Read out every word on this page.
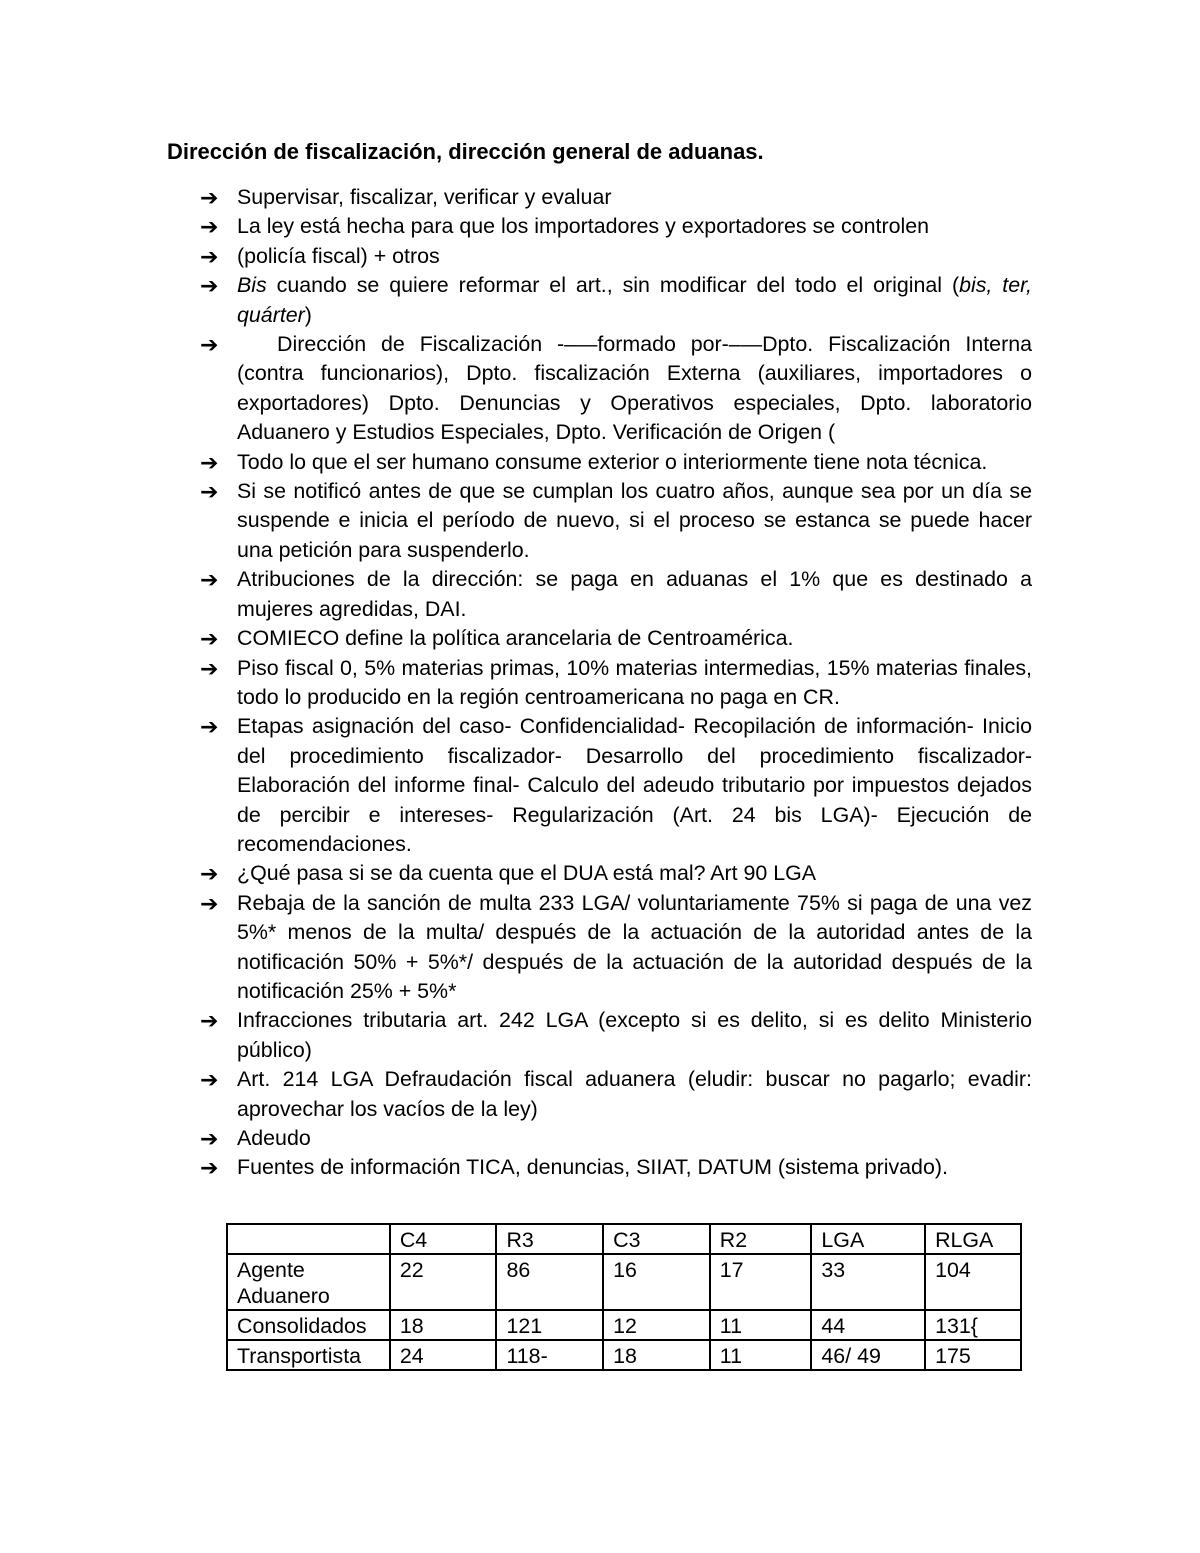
Dirección de fiscalización, dirección general de aduanas.
➔ Supervisar, fiscalizar, verificar y evaluar
➔ La ley está hecha para que los importadores y exportadores se controlen
➔ (policía fiscal) + otros
➔ Bis cuando se quiere reformar el art., sin modificar del todo el original (bis, ter, quárter)
➔	Dirección de Fiscalización -–—formado por-–—Dpto. Fiscalización Interna (contra funcionarios), Dpto. fiscalización Externa (auxiliares, importadores o exportadores) Dpto. Denuncias y Operativos especiales, Dpto. laboratorio Aduanero y Estudios Especiales, Dpto. Verificación de Origen (
➔ Todo lo que el ser humano consume exterior o interiormente tiene nota técnica.
➔ Si se notificó antes de que se cumplan los cuatro años, aunque sea por un día se suspende e inicia el período de nuevo, si el proceso se estanca se puede hacer una petición para suspenderlo.
➔ Atribuciones de la dirección: se paga en aduanas el 1% que es destinado a mujeres agredidas, DAI.
➔ COMIECO define la política arancelaria de Centroamérica.
➔ Piso fiscal 0, 5% materias primas, 10% materias intermedias, 15% materias finales, todo lo producido en la región centroamericana no paga en CR.
➔ Etapas asignación del caso- Confidencialidad- Recopilación de información- Inicio del procedimiento fiscalizador- Desarrollo del procedimiento fiscalizador- Elaboración del informe final- Calculo del adeudo tributario por impuestos dejados de percibir e intereses- Regularización (Art. 24 bis LGA)- Ejecución de recomendaciones.
➔ ¿Qué pasa si se da cuenta que el DUA está mal? Art 90 LGA
➔ Rebaja de la sanción de multa 233 LGA/ voluntariamente 75% si paga de una vez 5%* menos de la multa/ después de la actuación de la autoridad antes de la notificación 50% + 5%*/ después de la actuación de la autoridad después de la notificación 25% + 5%*
➔ Infracciones tributaria art. 242 LGA (excepto si es delito, si es delito Ministerio público)
➔ Art. 214 LGA Defraudación fiscal aduanera (eludir: buscar no pagarlo; evadir: aprovechar los vacíos de la ley)
➔ Adeudo
➔ Fuentes de información TICA, denuncias, SIIAT, DATUM (sistema privado).
	C4	R3	C3	R2	LGA	RLGA
Agente Aduanero	22	86	16	17	33	104
Consolidados	18	121	12	11	44	131{
Transportista	24	118-	18	11	46/ 49	175
